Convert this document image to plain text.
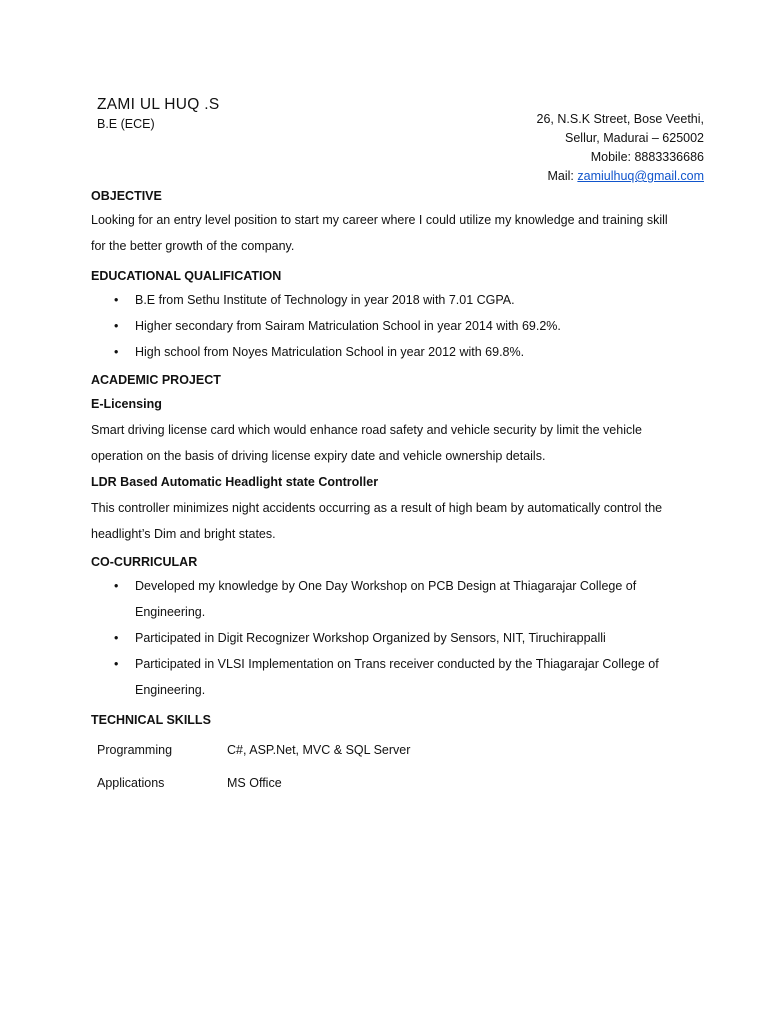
ZAMI UL HUQ .S
B.E (ECE)	26, N.S.K Street, Bose Veethi,
Sellur, Madurai – 625002
Mobile: 8883336686
Mail: zamiulhuq@gmail.com

OBJECTIVE

Looking for an entry level position to start my career where I could utilize my knowledge and training skill for the better growth of the company.

EDUCATIONAL QUALIFICATION

• B.E from Sethu Institute of Technology in year 2018 with 7.01 CGPA.
• Higher secondary from Sairam Matriculation School in year 2014 with 69.2%.
• High school from Noyes Matriculation School in year 2012 with 69.8%.

ACADEMIC PROJECT

E-Licensing

Smart driving license card which would enhance road safety and vehicle security by limit the vehicle operation on the basis of driving license expiry date and vehicle ownership details.

LDR Based Automatic Headlight state Controller

This controller minimizes night accidents occurring as a result of high beam by automatically control the headlight’s Dim and bright states.

CO-CURRICULAR

• Developed my knowledge by One Day Workshop on PCB Design at Thiagarajar College of Engineering.
• Participated in Digit Recognizer Workshop Organized by Sensors, NIT, Tiruchirappalli
• Participated in VLSI Implementation on Trans receiver conducted by the Thiagarajar College of Engineering.

TECHNICAL SKILLS

Programming	C#, ASP.Net, MVC & SQL Server
Applications	MS Office
